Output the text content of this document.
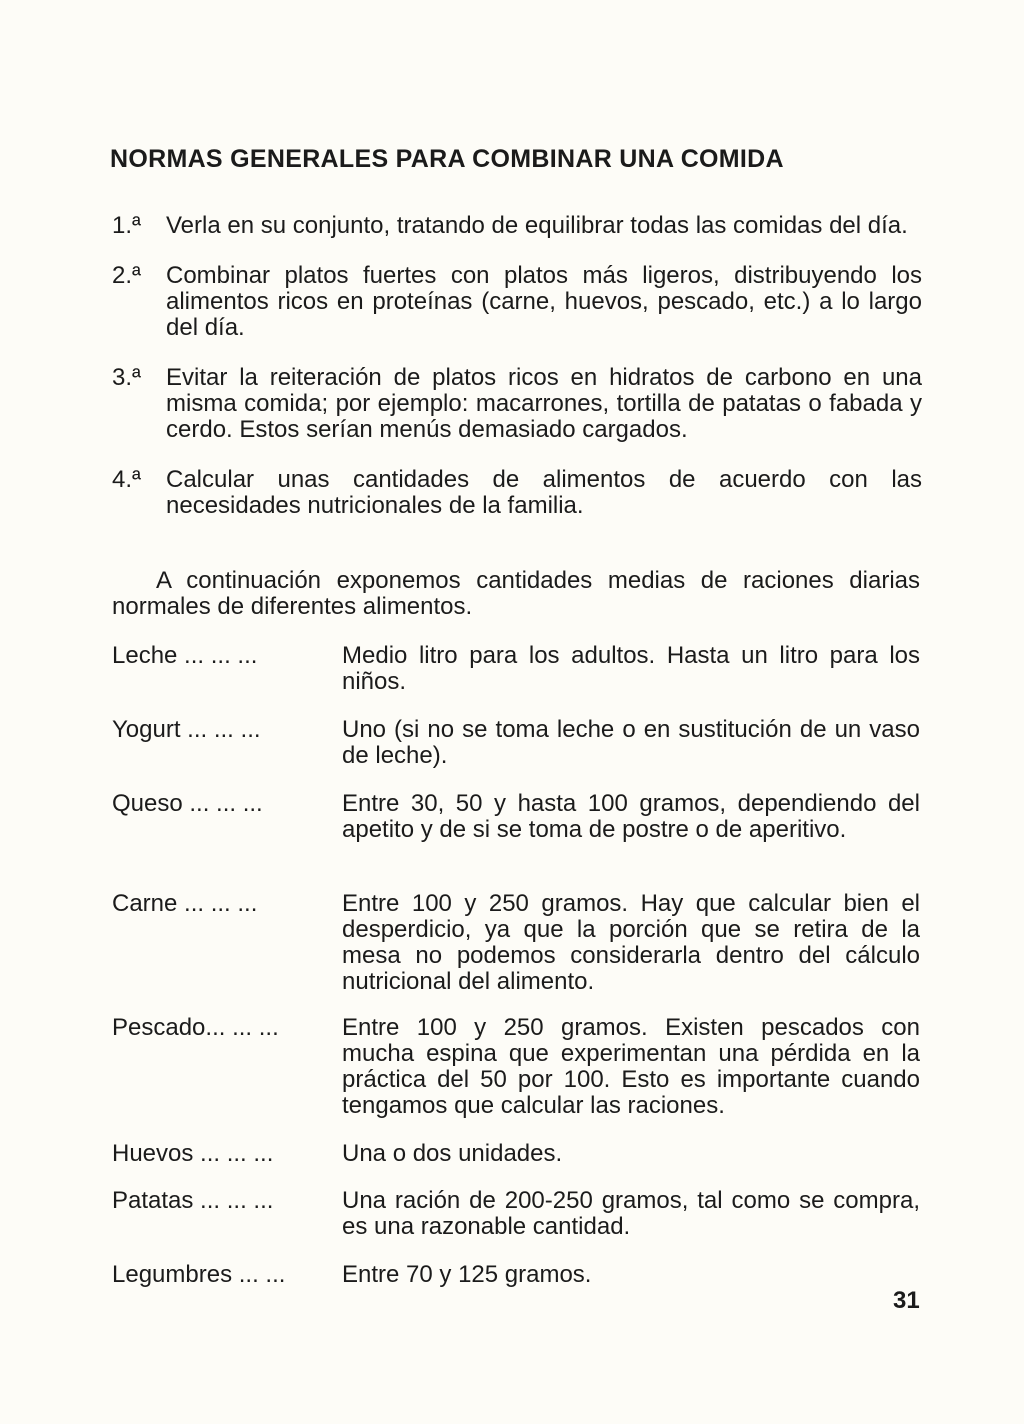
NORMAS GENERALES PARA COMBINAR UNA COMIDA
1.ª Verla en su conjunto, tratando de equilibrar todas las comidas del día.
2.ª Combinar platos fuertes con platos más ligeros, distribuyendo los alimentos ricos en proteínas (carne, huevos, pescado, etc.) a lo largo del día.
3.ª Evitar la reiteración de platos ricos en hidratos de carbono en una misma comida; por ejemplo: macarrones, tortilla de patatas o fabada y cerdo. Estos serían menús demasiado cargados.
4.ª Calcular unas cantidades de alimentos de acuerdo con las necesidades nutricionales de la familia.
A continuación exponemos cantidades medias de raciones diarias normales de diferentes alimentos.
Leche ... ... ...	Medio litro para los adultos. Hasta un litro para los niños.
Yogurt ... ... ...	Uno (si no se toma leche o en sustitución de un vaso de leche).
Queso ... ... ...	Entre 30, 50 y hasta 100 gramos, dependiendo del apetito y de si se toma de postre o de aperitivo.
Carne ... ... ...	Entre 100 y 250 gramos. Hay que calcular bien el desperdicio, ya que la porción que se retira de la mesa no podemos considerarla dentro del cálculo nutricional del alimento.
Pescado... ... ...	Entre 100 y 250 gramos. Existen pescados con mucha espina que experimentan una pérdida en la práctica del 50 por 100. Esto es importante cuando tengamos que calcular las raciones.
Huevos ... ... ...	Una o dos unidades.
Patatas ... ... ...	Una ración de 200-250 gramos, tal como se compra, es una razonable cantidad.
Legumbres ... ... Entre 70 y 125 gramos.
31
